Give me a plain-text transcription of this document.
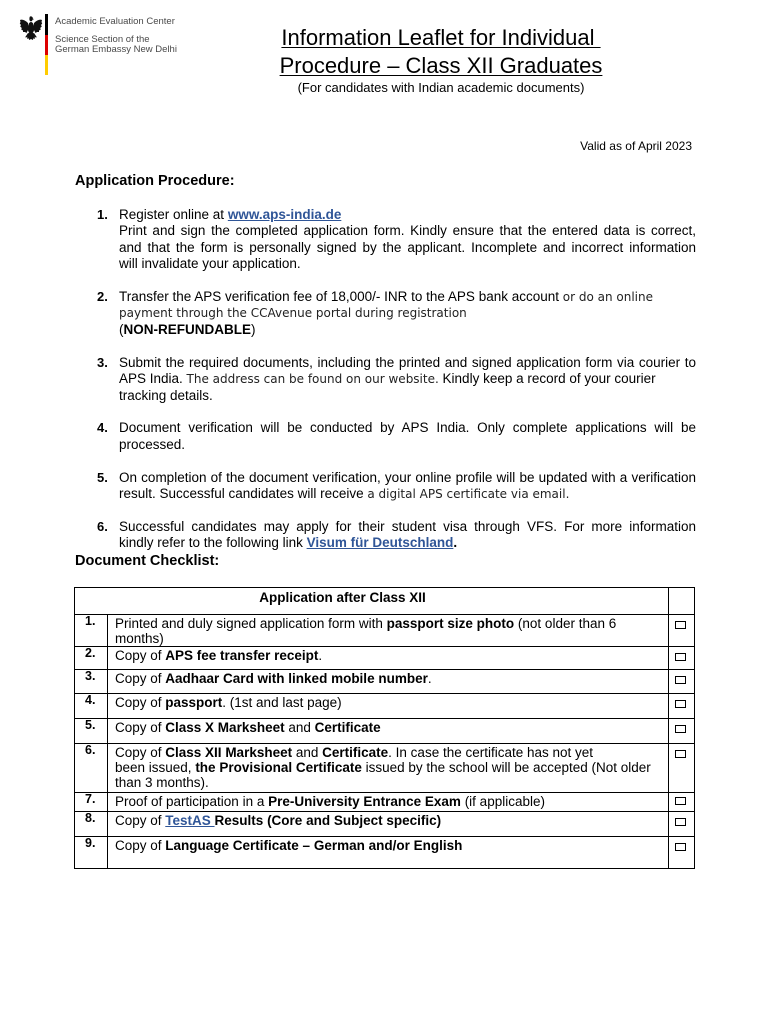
Academic Evaluation Center
Science Section of the
German Embassy New Delhi	Information Leaflet for Individual
Procedure – Class XII Graduates
(For candidates with Indian academic documents)
Valid as of April 2023
Application Procedure:
1. Register online at www.aps-india.de
Print and sign the completed application form. Kindly ensure that the entered data is correct,
and that the form is personally signed by the applicant. Incomplete and incorrect information
will invalidate your application.
2. Transfer the APS verification fee of 18,000/- INR to the APS bank account or do an online
payment through the CCAvenue portal during registration
(NON-REFUNDABLE)
3. Submit the required documents, including the printed and signed application form via courier to
APS India. The address can be found on our website. Kindly keep a record of your courier
tracking details.
4. Document verification will be conducted by APS India. Only complete applications will be
processed.
5. On completion of the document verification, your online profile will be updated with a verification
result. Successful candidates will receive a digital APS certificate via email.
6. Successful candidates may apply for their student visa through VFS. For more information
kindly refer to the following link Visum für Deutschland.
Document Checklist:
Application after Class XII		
1.	Printed and duly signed application form with passport size photo (not older than 6
months)	

2.	Copy of APS fee transfer receipt.	

3.	Copy of Aadhaar Card with linked mobile number.	

4.	Copy of passport. (1st and last page)	

5.	Copy of Class X Marksheet and Certificate	

6.	Copy of Class XII Marksheet and Certificate. In case the certificate has not yet
been issued, the Provisional Certificate issued by the school will be accepted (Not older
than 3 months).	

7.	Proof of participation in a Pre-University Entrance Exam (if applicable)	

8.	Copy of TestAS Results (Core and Subject specific)	

9.	Copy of Language Certificate – German and/or English	
